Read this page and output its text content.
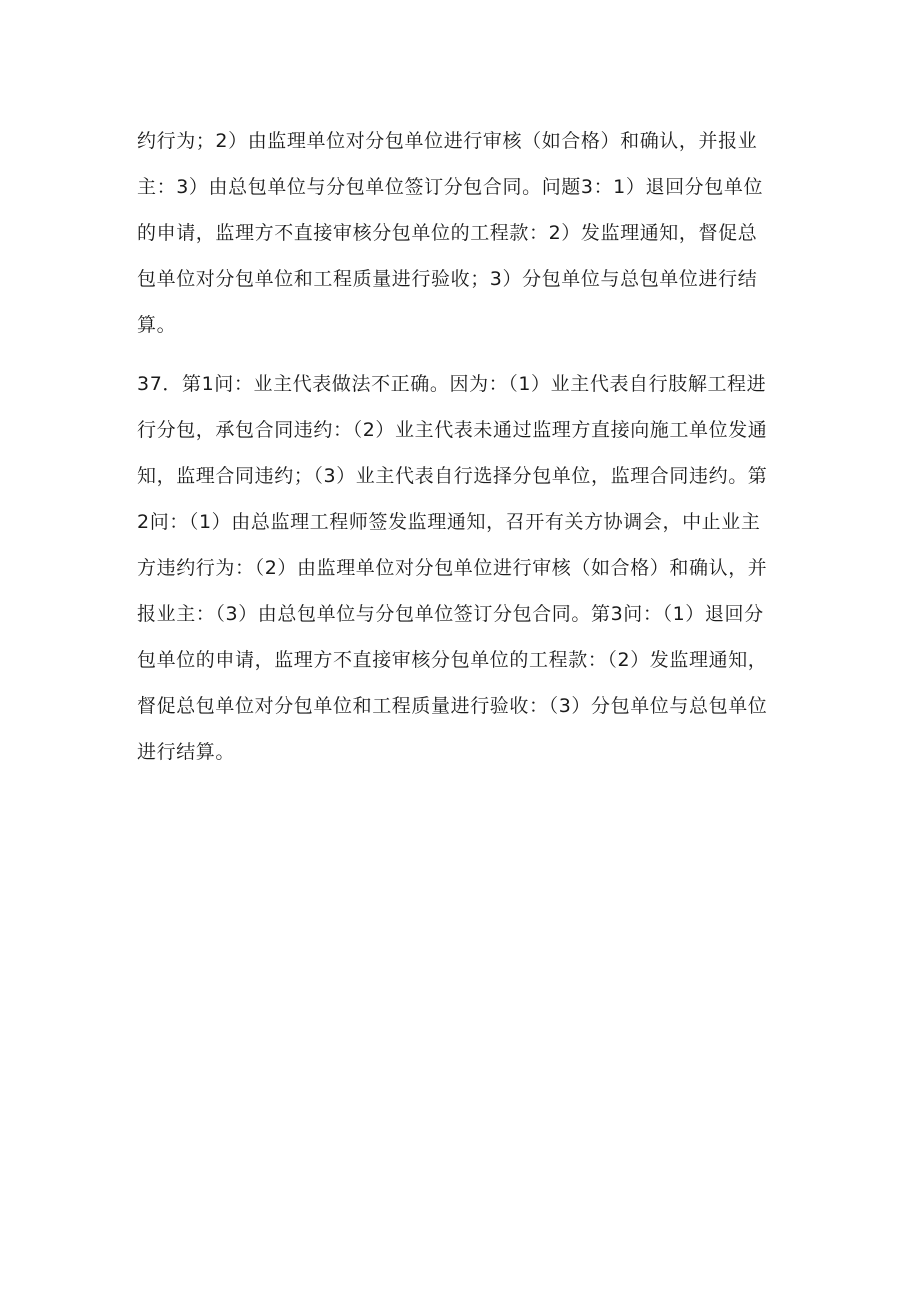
约行为；2）由监理单位对分包单位进行审核（如合格）和确认，并报业
主：3）由总包单位与分包单位签订分包合同。问题3：1）退回分包单位
的申请，监理方不直接审核分包单位的工程款：2）发监理通知，督促总
包单位对分包单位和工程质量进行验收；3）分包单位与总包单位进行结
算。
37．第1问：业主代表做法不正确。因为：（1）业主代表自行肢解工程进
行分包，承包合同违约：（2）业主代表未通过监理方直接向施工单位发通
知，监理合同违约；（3）业主代表自行选择分包单位，监理合同违约。第
2问：（1）由总监理工程师签发监理通知，召开有关方协调会，中止业主
方违约行为：（2）由监理单位对分包单位进行审核（如合格）和确认，并
报业主：（3）由总包单位与分包单位签订分包合同。第3问：（1）退回分
包单位的申请，监理方不直接审核分包单位的工程款：（2）发监理通知，
督促总包单位对分包单位和工程质量进行验收：（3）分包单位与总包单位
进行结算。
